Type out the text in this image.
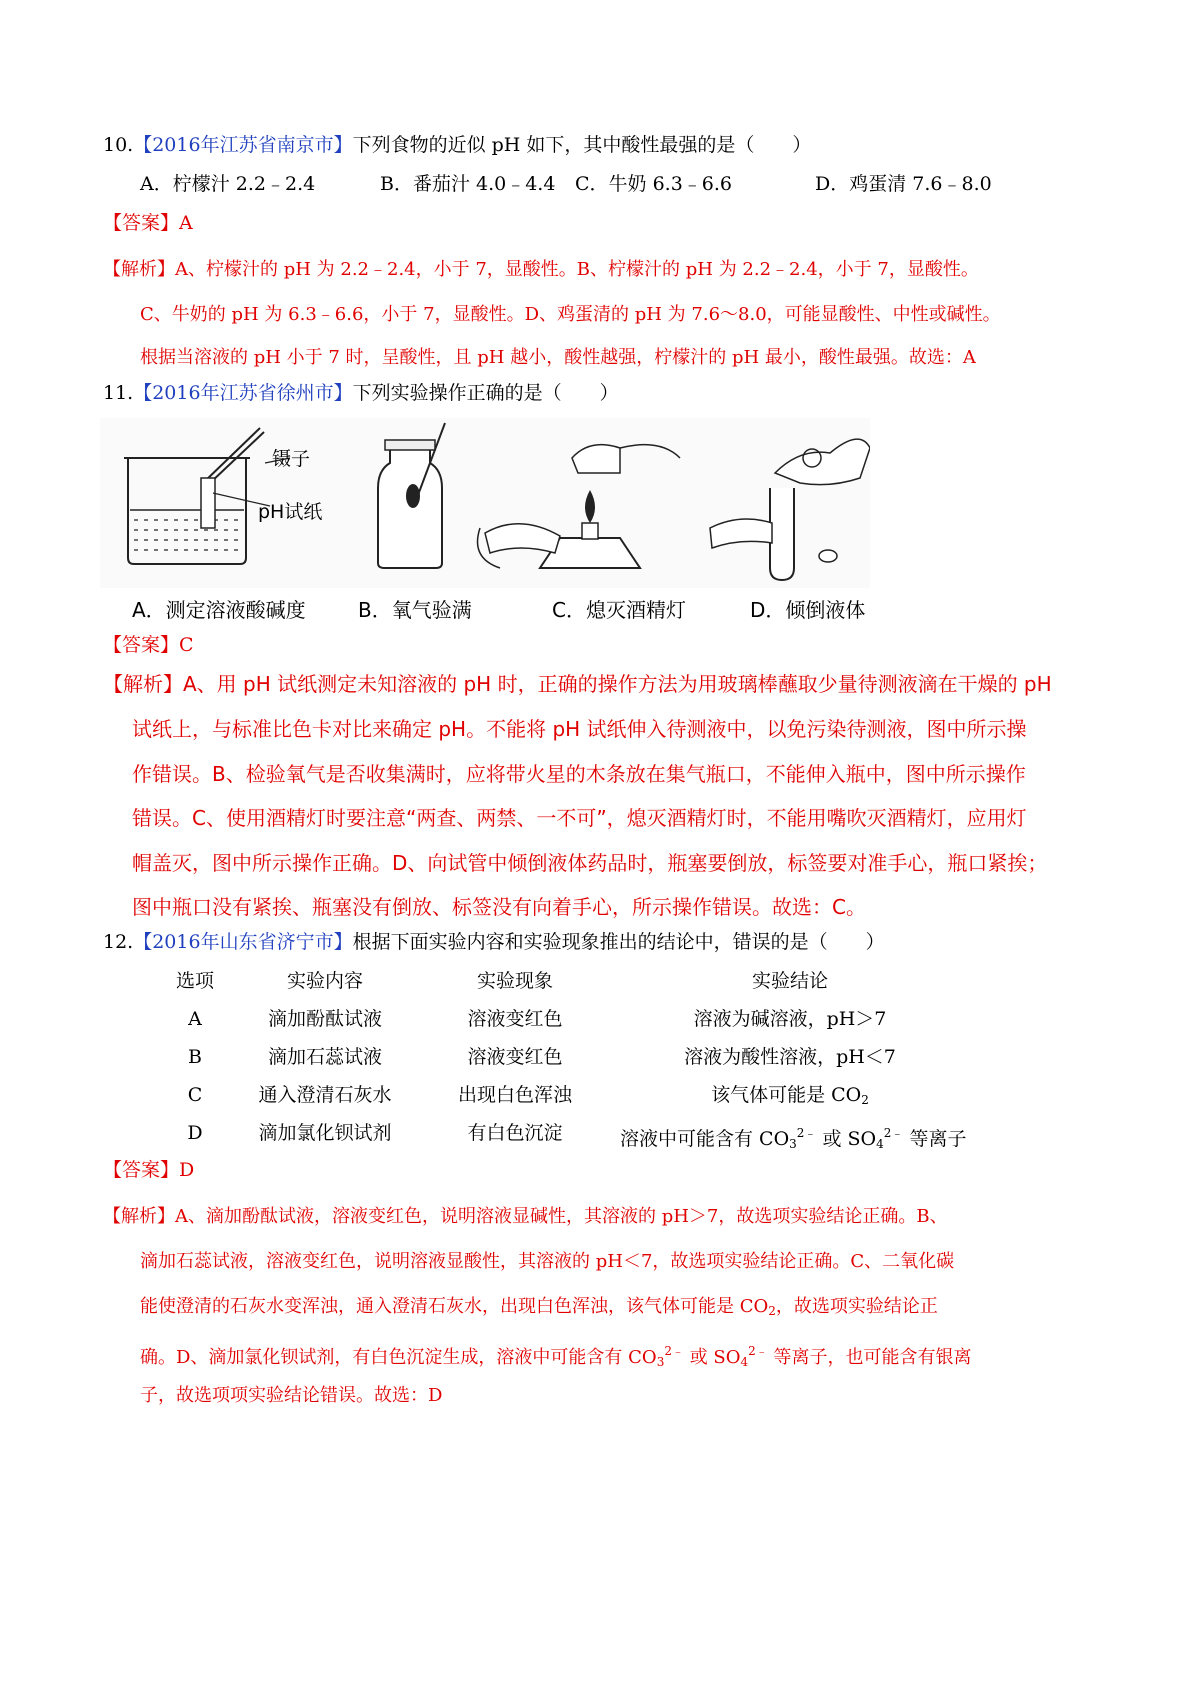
10.【2016年江苏省南京市】下列食物的近似 pH 如下，其中酸性最强的是（　　）
A．柠檬汁 2.2﹣2.4	B．番茄汁 4.0﹣4.4 C．牛奶 6.3﹣6.6	D．鸡蛋清 7.6﹣8.0
【答案】A
【解析】A、柠檬汁的 pH 为 2.2﹣2.4，小于 7，显酸性。B、柠檬汁的 pH 为 2.2﹣2.4，小于 7，显酸性。
C、牛奶的 pH 为 6.3﹣6.6，小于 7，显酸性。D、鸡蛋清的 pH 为 7.6～8.0，可能显酸性、中性或碱性。
根据当溶液的 pH 小于 7 时，呈酸性，且 pH 越小，酸性越强，柠檬汁的 pH 最小，酸性最强。故选：A
11.【2016年江苏省徐州市】下列实验操作正确的是（　　）
镊子
pH试纸
A．测定溶液酸碱度	B．氧气验满	C．熄灭酒精灯	D．倾倒液体
【答案】C
【解析】A、用 pH 试纸测定未知溶液的 pH 时，正确的操作方法为用玻璃棒蘸取少量待测液滴在干燥的 pH
试纸上，与标准比色卡对比来确定 pH。不能将 pH 试纸伸入待测液中，以免污染待测液，图中所示操
作错误。B、检验氧气是否收集满时，应将带火星的木条放在集气瓶口，不能伸入瓶中，图中所示操作
错误。C、使用酒精灯时要注意“两查、两禁、一不可”，熄灭酒精灯时，不能用嘴吹灭酒精灯，应用灯
帽盖灭，图中所示操作正确。D、向试管中倾倒液体药品时，瓶塞要倒放，标签要对准手心，瓶口紧挨；
图中瓶口没有紧挨、瓶塞没有倒放、标签没有向着手心，所示操作错误。故选：C。
12.【2016年山东省济宁市】根据下面实验内容和实验现象推出的结论中，错误的是（　　）
选项	实验内容	实验现象	实验结论
A	滴加酚酞试液	溶液变红色	溶液为碱溶液，pH＞7
B	滴加石蕊试液	溶液变红色	溶液为酸性溶液，pH＜7
C	通入澄清石灰水	出现白色浑浊	该气体可能是 $CO_2$
D	滴加氯化钡试剂	有白色沉淀	溶液中可能含有 $CO_3^{2﹣}$ 或 $SO_4^{2﹣}$ 等离子
【答案】D
【解析】A、滴加酚酞试液，溶液变红色，说明溶液显碱性，其溶液的 pH＞7，故选项实验结论正确。B、
滴加石蕊试液，溶液变红色，说明溶液显酸性，其溶液的 pH＜7，故选项实验结论正确。C、二氧化碳
能使澄清的石灰水变浑浊，通入澄清石灰水，出现白色浑浊，该气体可能是 $CO_2$，故选项实验结论正
确。D、滴加氯化钡试剂，有白色沉淀生成，溶液中可能含有 $CO_3^{2﹣}$ 或 $SO_4^{2﹣}$ 等离子，也可能含有银离
子，故选项项实验结论错误。故选：D
